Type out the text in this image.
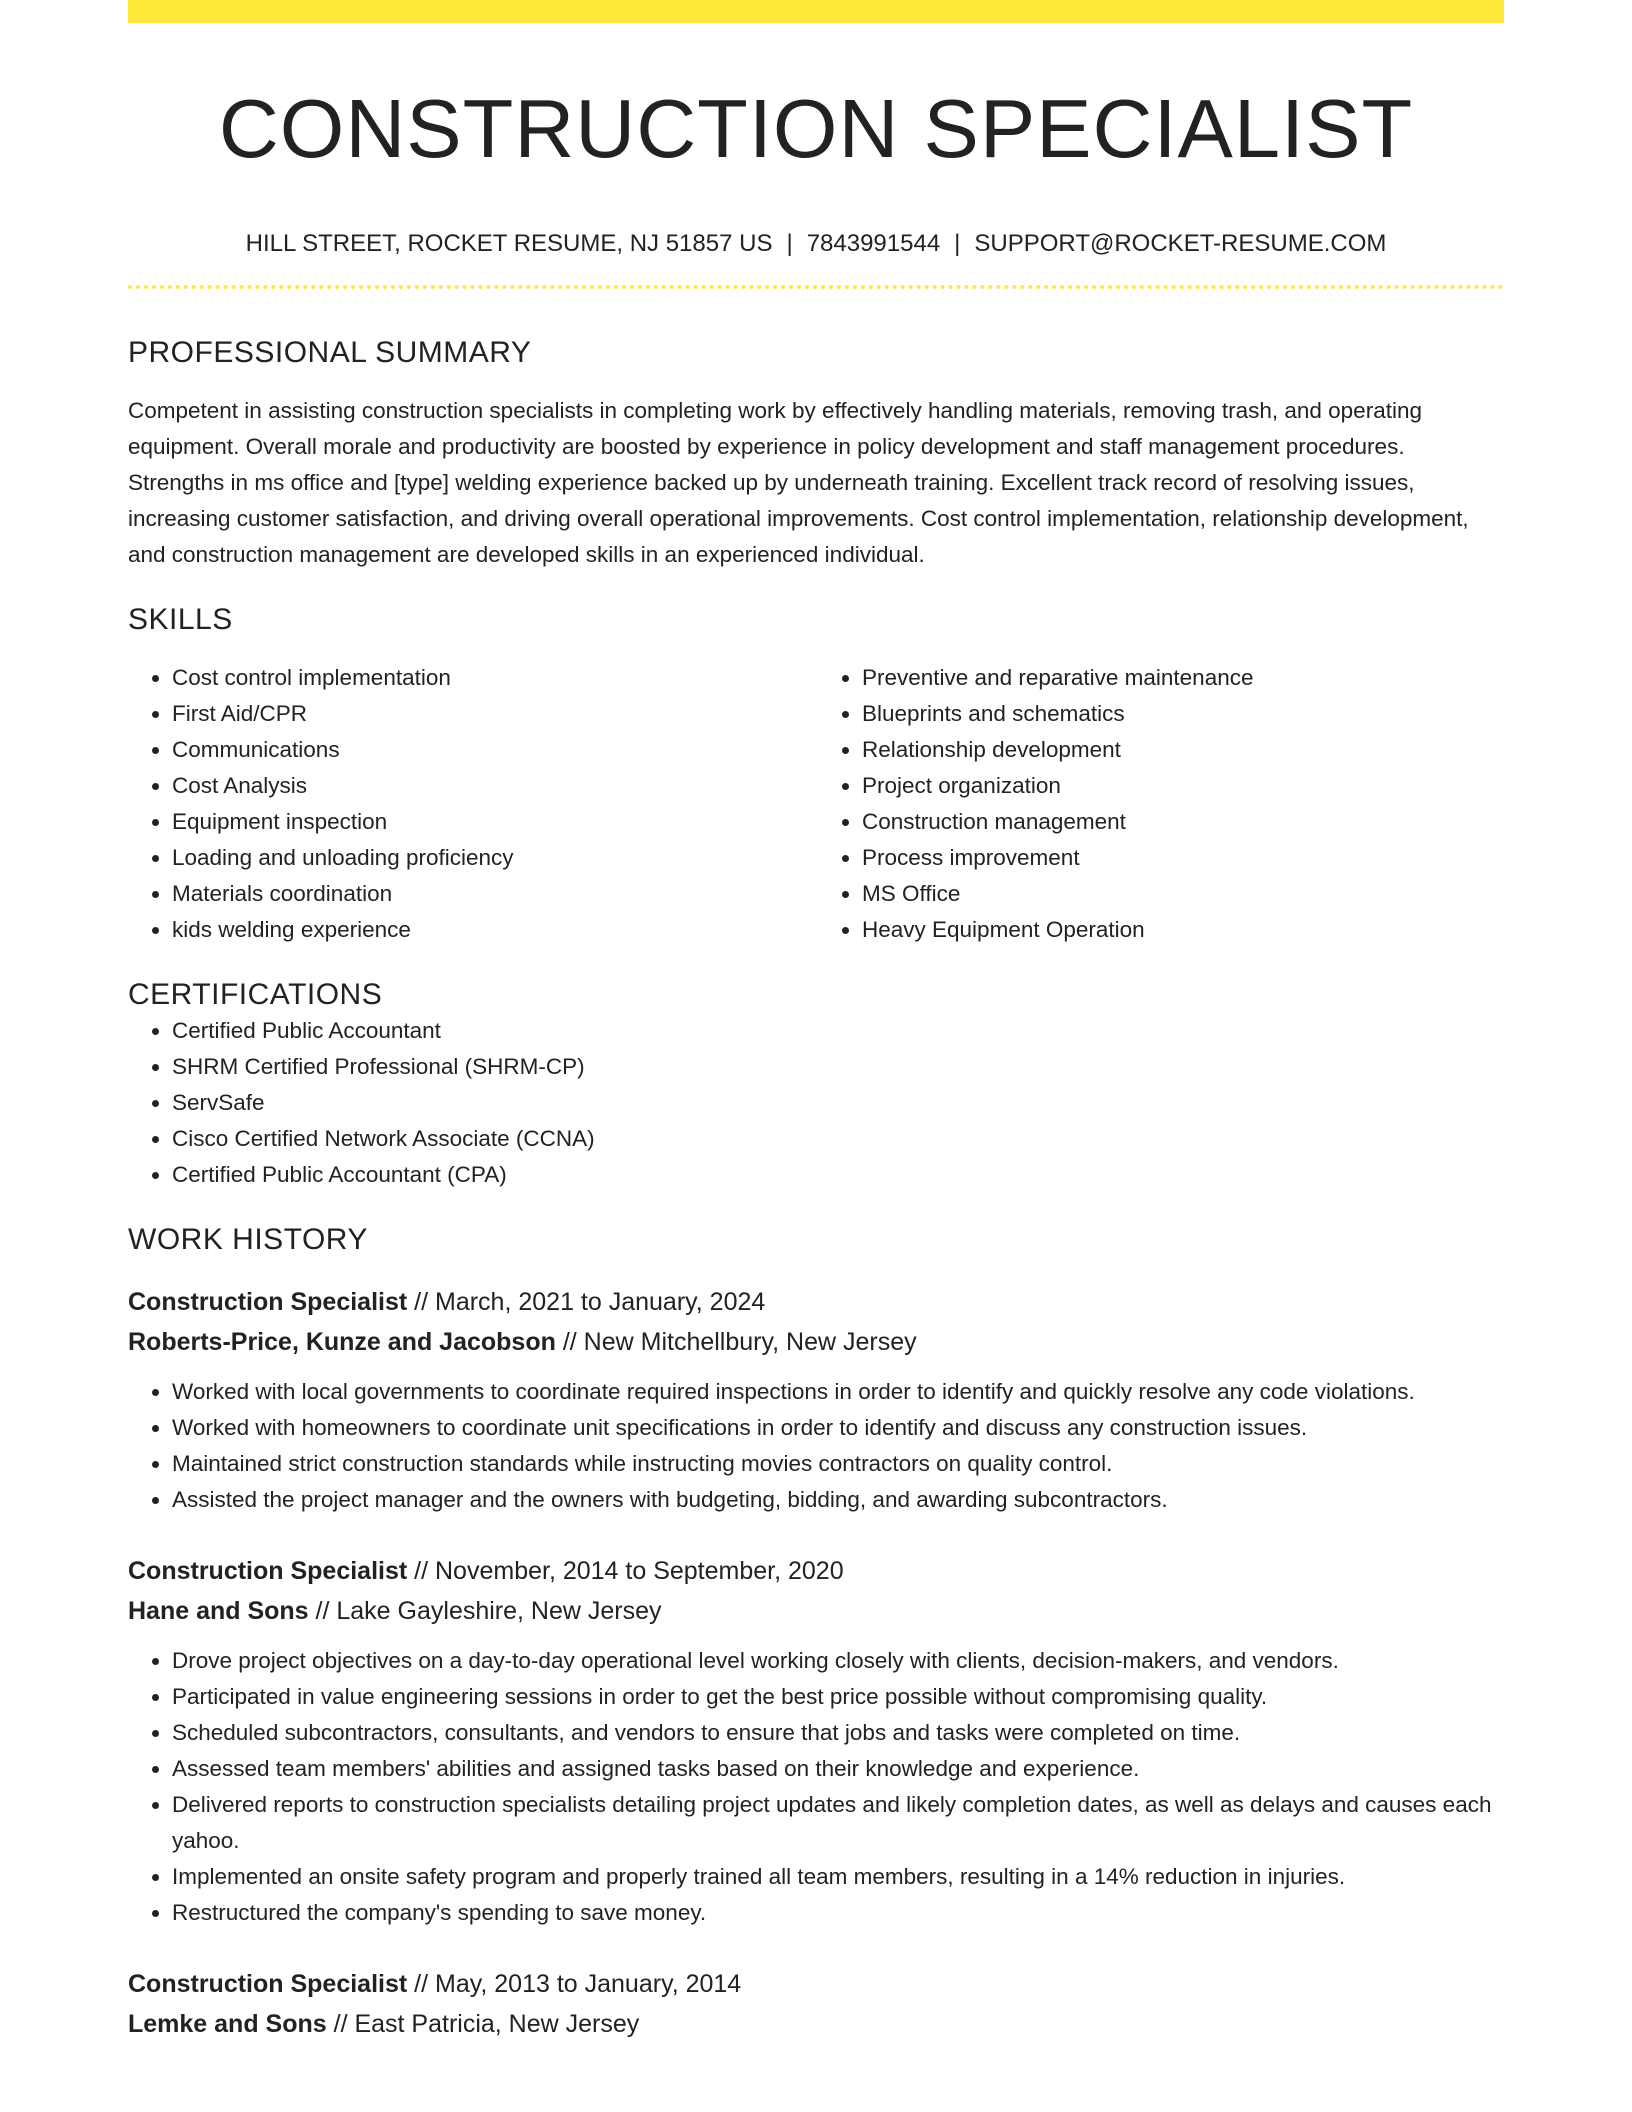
CONSTRUCTION SPECIALIST
HILL STREET, ROCKET RESUME, NJ 51857 US | 7843991544 | SUPPORT@ROCKET-RESUME.COM
PROFESSIONAL SUMMARY

Competent in assisting construction specialists in completing work by effectively handling materials, removing trash, and operating equipment. Overall morale and productivity are boosted by experience in policy development and staff management procedures. Strengths in ms office and [type] welding experience backed up by underneath training. Excellent track record of resolving issues, increasing customer satisfaction, and driving overall operational improvements. Cost control implementation, relationship development, and construction management are developed skills in an experienced individual.

SKILLS
• Cost control implementation
• First Aid/CPR
• Communications
• Cost Analysis
• Equipment inspection
• Loading and unloading proficiency
• Materials coordination
• kids welding experience
• Preventive and reparative maintenance
• Blueprints and schematics
• Relationship development
• Project organization
• Construction management
• Process improvement
• MS Office
• Heavy Equipment Operation
CERTIFICATIONS
• Certified Public Accountant
• SHRM Certified Professional (SHRM-CP)
• ServSafe
• Cisco Certified Network Associate (CCNA)
• Certified Public Accountant (CPA)
WORK HISTORY
Construction Specialist // March, 2021 to January, 2024
Roberts-Price, Kunze and Jacobson // New Mitchellbury, New Jersey
• Worked with local governments to coordinate required inspections in order to identify and quickly resolve any code violations.
• Worked with homeowners to coordinate unit specifications in order to identify and discuss any construction issues.
• Maintained strict construction standards while instructing movies contractors on quality control.
• Assisted the project manager and the owners with budgeting, bidding, and awarding subcontractors.
Construction Specialist // November, 2014 to September, 2020
Hane and Sons // Lake Gayleshire, New Jersey
• Drove project objectives on a day-to-day operational level working closely with clients, decision-makers, and vendors.
• Participated in value engineering sessions in order to get the best price possible without compromising quality.
• Scheduled subcontractors, consultants, and vendors to ensure that jobs and tasks were completed on time.
• Assessed team members' abilities and assigned tasks based on their knowledge and experience.
• Delivered reports to construction specialists detailing project updates and likely completion dates, as well as delays and causes each yahoo.
• Implemented an onsite safety program and properly trained all team members, resulting in a 14% reduction in injuries.
• Restructured the company's spending to save money.
Construction Specialist // May, 2013 to January, 2014
Lemke and Sons // East Patricia, New Jersey
